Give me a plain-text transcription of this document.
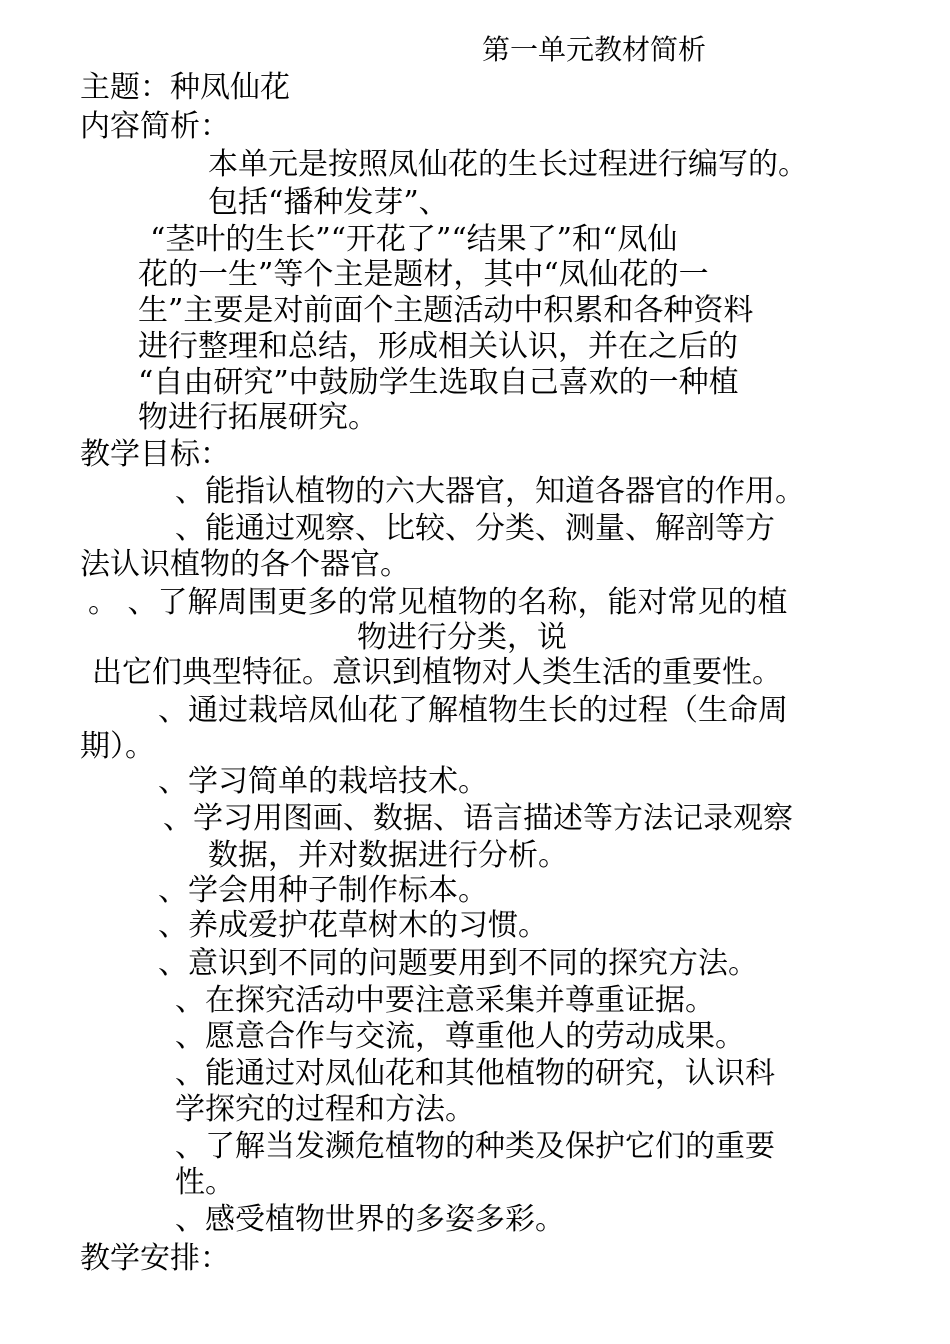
第一单元教材简析
主题：种凤仙花
内容简析：
本单元是按照凤仙花的生长过程进行编写的。
包括“播种发芽”、
“茎叶的生长”“开花了”“结果了”和“凤仙
花的一生”等个主是题材，其中“凤仙花的一
生”主要是对前面个主题活动中积累和各种资料
进行整理和总结，形成相关认识，并在之后的
“自由研究”中鼓励学生选取自己喜欢的一种植
物进行拓展研究。
教学目标：
、能指认植物的六大器官，知道各器官的作用。
、能通过观察、比较、分类、测量、解剖等方
法认识植物的各个器官。
。 、了解周围更多的常见植物的名称，能对常见的植
物进行分类，说
出它们典型特征。意识到植物对人类生活的重要性。
、通过栽培凤仙花了解植物生长的过程（生命周
期）。
、学习简单的栽培技术。
、学习用图画、数据、语言描述等方法记录观察
数据，并对数据进行分析。
、学会用种子制作标本。
、养成爱护花草树木的习惯。
、意识到不同的问题要用到不同的探究方法。
、在探究活动中要注意采集并尊重证据。
、愿意合作与交流，尊重他人的劳动成果。
、能通过对凤仙花和其他植物的研究，认识科
学探究的过程和方法。
、了解当发濒危植物的种类及保护它们的重要
性。
、感受植物世界的多姿多彩。
教学安排：
